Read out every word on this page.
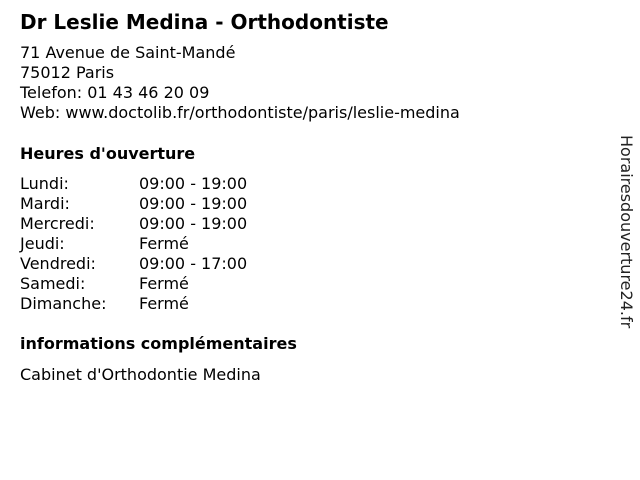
Dr Leslie Medina - Orthodontiste
71 Avenue de Saint-Mandé
75012 Paris
Telefon: 01 43 46 20 09
Web: www.doctolib.fr/orthodontiste/paris/leslie-medina
Heures d'ouverture
Lundi:	09:00 - 19:00
Mardi:	09:00 - 19:00
Mercredi:	09:00 - 19:00
Jeudi:	Fermé
Vendredi:	09:00 - 17:00
Samedi:	Fermé
Dimanche:	Fermé
informations complémentaires
Cabinet d'Orthodontie Medina
Horairesdouverture24.fr
